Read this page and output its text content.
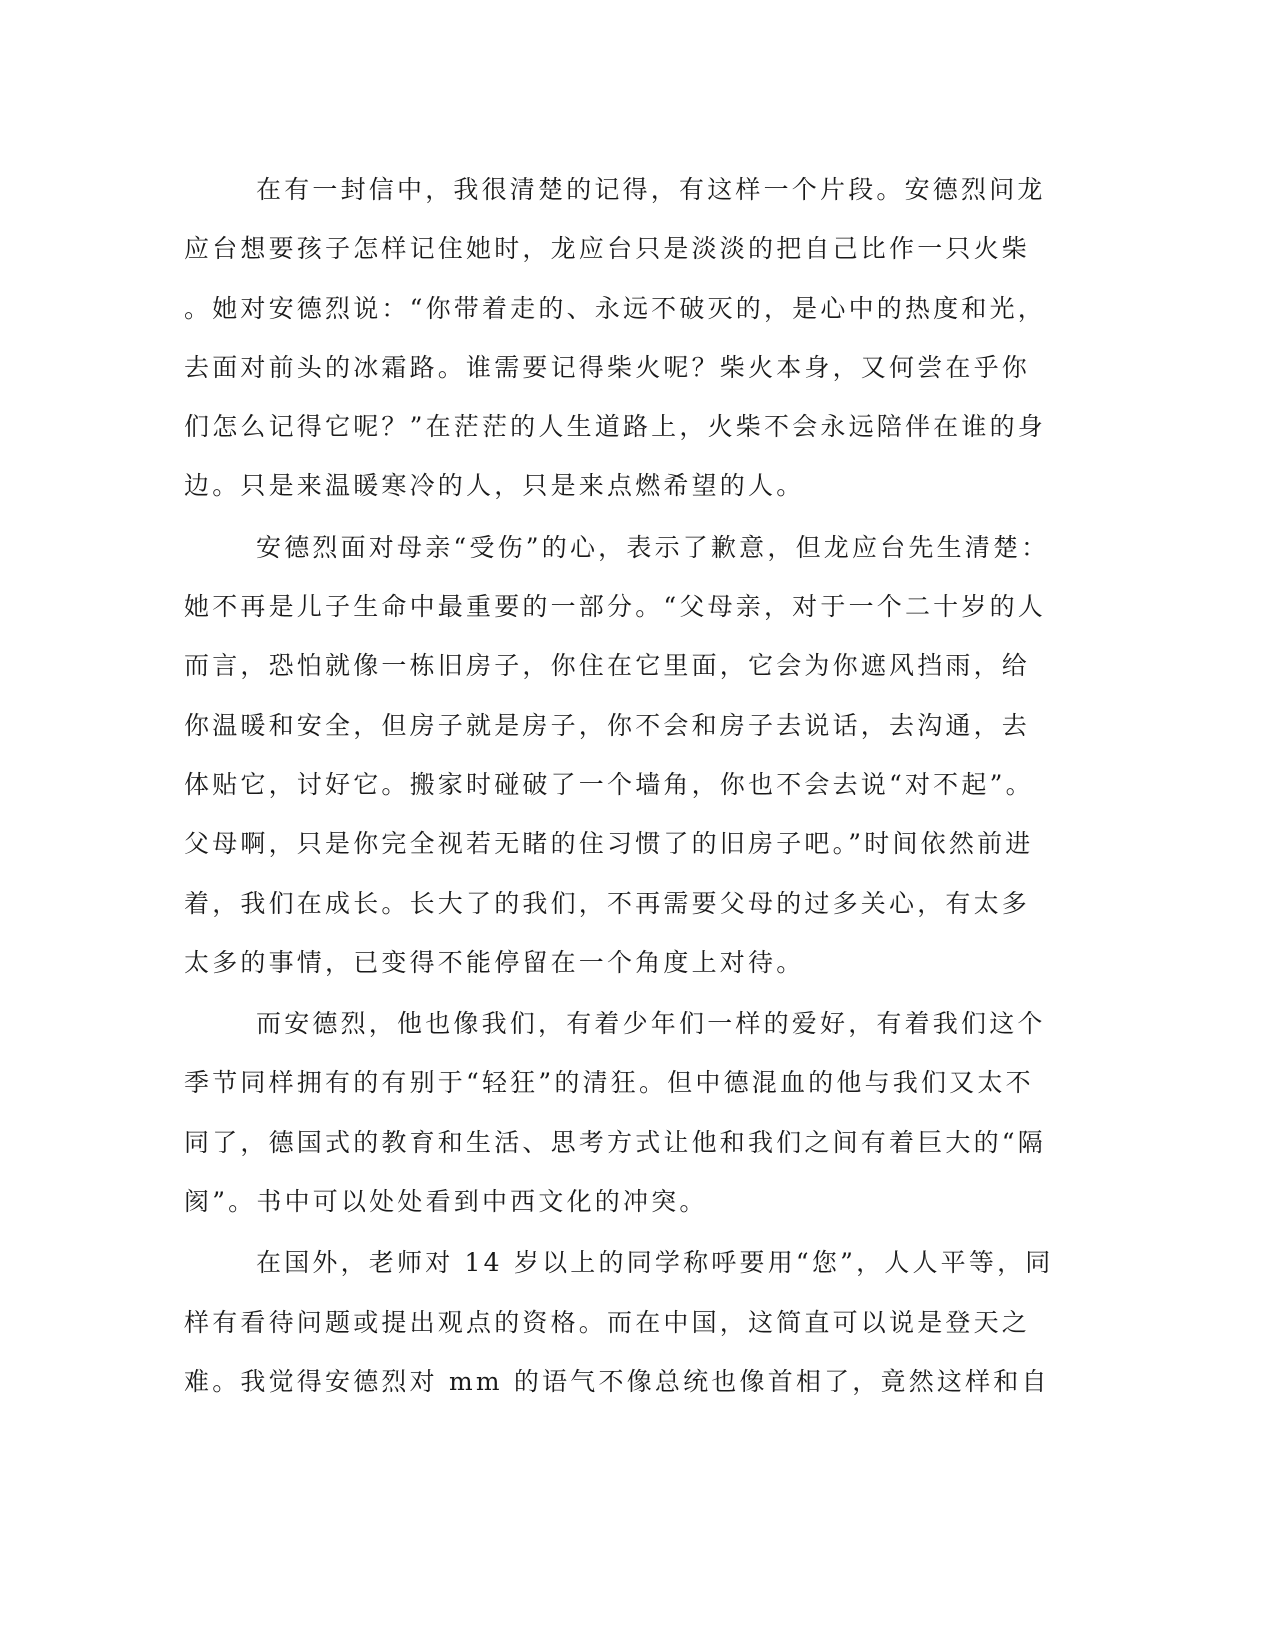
在有一封信中，我很清楚的记得，有这样一个片段。安德烈问龙
应台想要孩子怎样记住她时，龙应台只是淡淡的把自己比作一只火柴
。她对安德烈说：“你带着走的、永远不破灭的，是心中的热度和光，
去面对前头的冰霜路。谁需要记得柴火呢？柴火本身，又何尝在乎你
们怎么记得它呢？”在茫茫的人生道路上，火柴不会永远陪伴在谁的身
边。只是来温暖寒冷的人，只是来点燃希望的人。
安德烈面对母亲“受伤”的心，表示了歉意，但龙应台先生清楚：
她不再是儿子生命中最重要的一部分。“父母亲，对于一个二十岁的人
而言，恐怕就像一栋旧房子，你住在它里面，它会为你遮风挡雨，给
你温暖和安全，但房子就是房子，你不会和房子去说话，去沟通，去
体贴它，讨好它。搬家时碰破了一个墙角，你也不会去说“对不起”。
父母啊，只是你完全视若无睹的住习惯了的旧房子吧。”时间依然前进
着，我们在成长。长大了的我们，不再需要父母的过多关心，有太多
太多的事情，已变得不能停留在一个角度上对待。
而安德烈，他也像我们，有着少年们一样的爱好，有着我们这个
季节同样拥有的有别于“轻狂”的清狂。但中德混血的他与我们又太不
同了，德国式的教育和生活、思考方式让他和我们之间有着巨大的“隔
阂”。书中可以处处看到中西文化的冲突。
在国外，老师对 14 岁以上的同学称呼要用“您”，人人平等，同
样有看待问题或提出观点的资格。而在中国，这简直可以说是登天之
难。我觉得安德烈对 mm 的语气不像总统也像首相了，竟然这样和自
